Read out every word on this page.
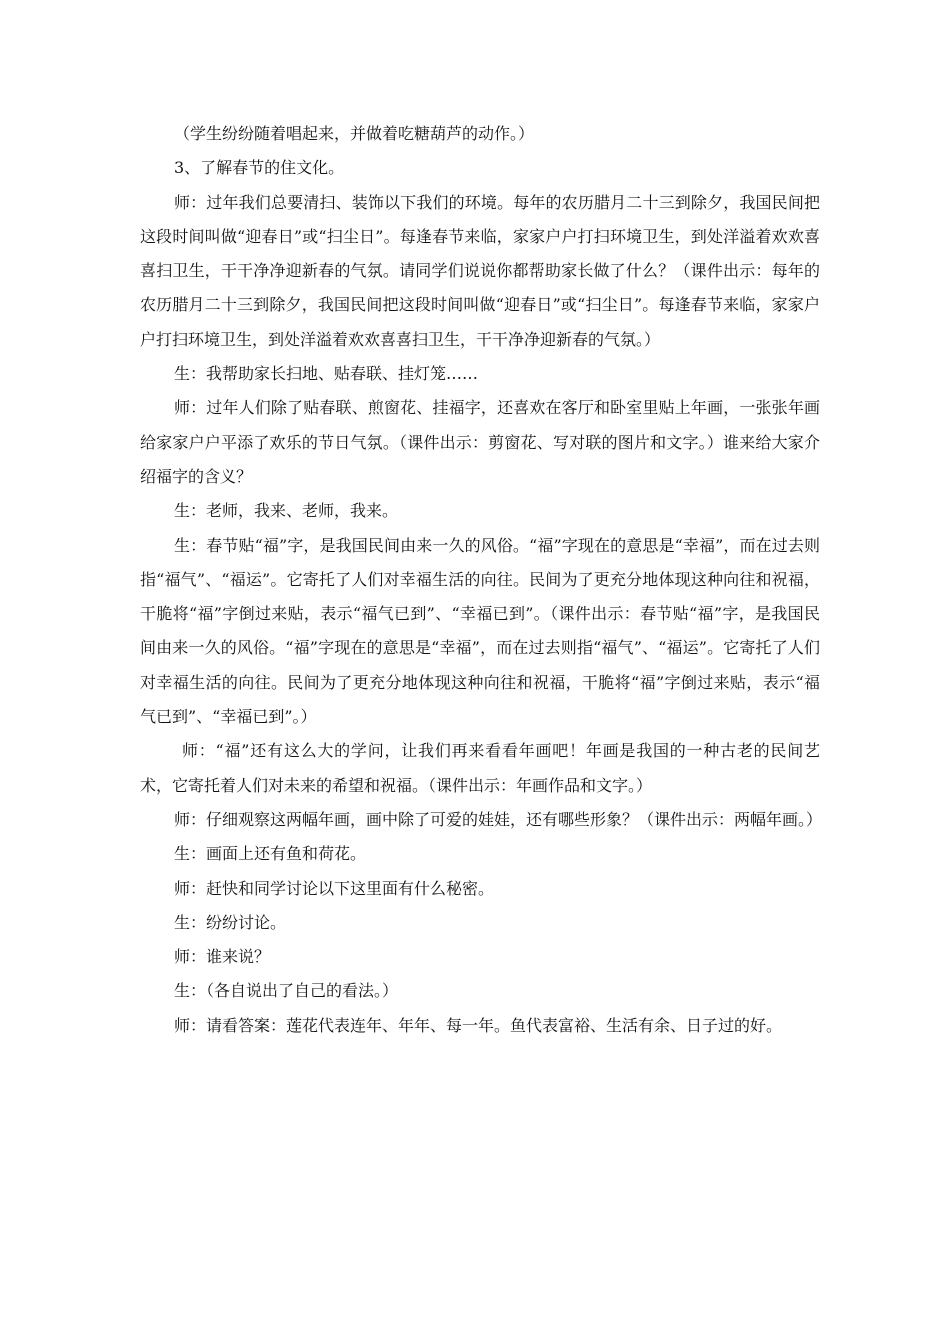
（学生纷纷随着唱起来，并做着吃糖葫芦的动作。）

3、了解春节的住文化。

师：过年我们总要清扫、装饰以下我们的环境。每年的农历腊月二十三到除夕，我国民间把这段时间叫做“迎春日”或“扫尘日”。每逢春节来临，家家户户打扫环境卫生，到处洋溢着欢欢喜喜扫卫生，干干净净迎新春的气氛。请同学们说说你都帮助家长做了什么？（课件出示：每年的农历腊月二十三到除夕，我国民间把这段时间叫做“迎春日”或“扫尘日”。每逢春节来临，家家户户打扫环境卫生，到处洋溢着欢欢喜喜扫卫生，干干净净迎新春的气氛。）

生：我帮助家长扫地、贴春联、挂灯笼……

师：过年人们除了贴春联、煎窗花、挂福字，还喜欢在客厅和卧室里贴上年画，一张张年画给家家户户平添了欢乐的节日气氛。（课件出示：剪窗花、写对联的图片和文字。）谁来给大家介绍福字的含义？

生：老师，我来、老师，我来。

生：春节贴“福”字，是我国民间由来一久的风俗。“福”字现在的意思是“幸福”，而在过去则指“福气”、“福运”。它寄托了人们对幸福生活的向往。民间为了更充分地体现这种向往和祝福，干脆将“福”字倒过来贴，表示“福气已到”、“幸福已到”。（课件出示：春节贴“福”字，是我国民间由来一久的风俗。“福”字现在的意思是“幸福”，而在过去则指“福气”、“福运”。它寄托了人们对幸福生活的向往。民间为了更充分地体现这种向往和祝福，干脆将“福”字倒过来贴，表示“福气已到”、“幸福已到”。）

师：“福”还有这么大的学问，让我们再来看看年画吧！年画是我国的一种古老的民间艺术，它寄托着人们对未来的希望和祝福。（课件出示：年画作品和文字。）

师：仔细观察这两幅年画，画中除了可爱的娃娃，还有哪些形象？（课件出示：两幅年画。）

生：画面上还有鱼和荷花。

师：赶快和同学讨论以下这里面有什么秘密。

生：纷纷讨论。

师：谁来说？

生：（各自说出了自己的看法。）

师：请看答案：莲花代表连年、年年、每一年。鱼代表富裕、生活有余、日子过的好。
